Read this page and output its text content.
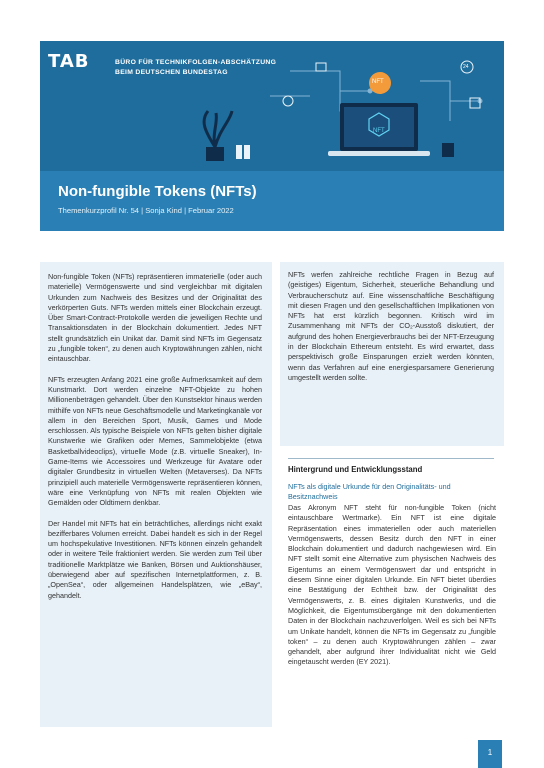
TAB	BÜRO FÜR TECHNIKFOLGEN-ABSCHÄTZUNG
BEIM DEUTSCHEN BUNDESTAG
NFT
NFT
24
Non-fungible Tokens (NFTs)
Themenkurzprofil Nr. 54 | Sonja Kind | Februar 2022

Non-fungible Token (NFTs) repräsentieren immaterielle (oder auch materielle) Vermögenswerte und sind vergleichbar mit digitalen Urkunden zum Nachweis des Besitzes und der Originalität des verkörperten Guts. NFTs werden mittels einer Blockchain erzeugt. Über Smart-Contract-Protokolle werden die jeweiligen Rechte und Transaktionsdaten in der Blockchain dokumentiert. Jedes NFT stellt grundsätzlich ein Unikat dar. Damit sind NFTs im Gegensatz zu „fungible token“, zu denen auch Kryptowährungen zählen, nicht eintauschbar.

NFTs erzeugten Anfang 2021 eine große Aufmerksamkeit auf dem Kunstmarkt. Dort werden einzelne NFT-Objekte zu hohen Millionenbeträgen gehandelt. Über den Kunstsektor hinaus werden mithilfe von NFTs neue Geschäftsmodelle und Marketingkanäle vor allem in den Bereichen Sport, Musik, Games und Mode erschlossen. Als typische Beispiele von NFTs gelten bisher digitale Kunstwerke wie Grafiken oder Memes, Sammelobjekte (etwa Basketballvideoclips), virtuelle Mode (z.B. virtuelle Sneaker), In-Game-Items wie Accessoires und Werkzeuge für Avatare oder digitaler Grundbesitz in virtuellen Welten (Metaverses). Da NFTs prinzipiell auch materielle Vermögenswerte repräsentieren können, wäre eine Verknüpfung von NFTs mit realen Objekten wie Gemälden oder Oldtimern denkbar.

Der Handel mit NFTs hat ein beträchtliches, allerdings nicht exakt bezifferbares Volumen erreicht. Dabei handelt es sich in der Regel um hochspekulative Investitionen. NFTs können einzeln gehandelt oder in weitere Teile fraktioniert werden. Sie werden zum Teil über traditionelle Marktplätze wie Banken, Börsen und Auktionshäuser, überwiegend aber auf spezifischen Internetplattformen, z. B. „OpenSea“, oder allgemeinen Handelsplätzen, wie „eBay“, gehandelt.

NFTs werfen zahlreiche rechtliche Fragen in Bezug auf (geistiges) Eigentum, Sicherheit, steuerliche Behandlung und Verbraucherschutz auf. Eine wissenschaftliche Beschäftigung mit diesen Fragen und den gesellschaftlichen Implikationen von NFTs hat erst kürzlich begonnen. Kritisch wird im Zusammenhang mit NFTs der CO₂-Ausstoß diskutiert, der aufgrund des hohen Energieverbrauchs bei der NFT-Erzeugung in der Blockchain Ethereum entsteht. Es wird erwartet, dass perspektivisch große Einsparungen erzielt werden könnten, wenn das Verfahren auf eine energiesparsamere Generierung umgestellt werden sollte.

Hintergrund und Entwicklungsstand
NFTs als digitale Urkunde für den Originalitäts- und Besitznachweis

Das Akronym NFT steht für non-fungible Token (nicht eintauschbare Wertmarke). Ein NFT ist eine digitale Repräsentation eines immateriellen oder auch materiellen Vermögenswerts, dessen Besitz durch den NFT in einer Blockchain dokumentiert und dadurch nachgewiesen wird. Ein NFT stellt somit eine Alternative zum physischen Nachweis des Eigentums an einem Vermögenswert dar und entspricht in diesem Sinne einer digitalen Urkunde. Ein NFT bietet überdies eine Bestätigung der Echtheit bzw. der Originalität des Vermögenswerts, z. B. eines digitalen Kunstwerks, und die Möglichkeit, die Eigentumsübergänge mit den dokumentierten Daten in der Blockchain nachzuverfolgen. Weil es sich bei NFTs um Unikate handelt, können die NFTs im Gegensatz zu „fungible token“ – zu denen auch Kryptowährungen zählen – zwar gehandelt, aber aufgrund ihrer Individualität nicht wie Geld eingetauscht werden (EY 2021).

1
